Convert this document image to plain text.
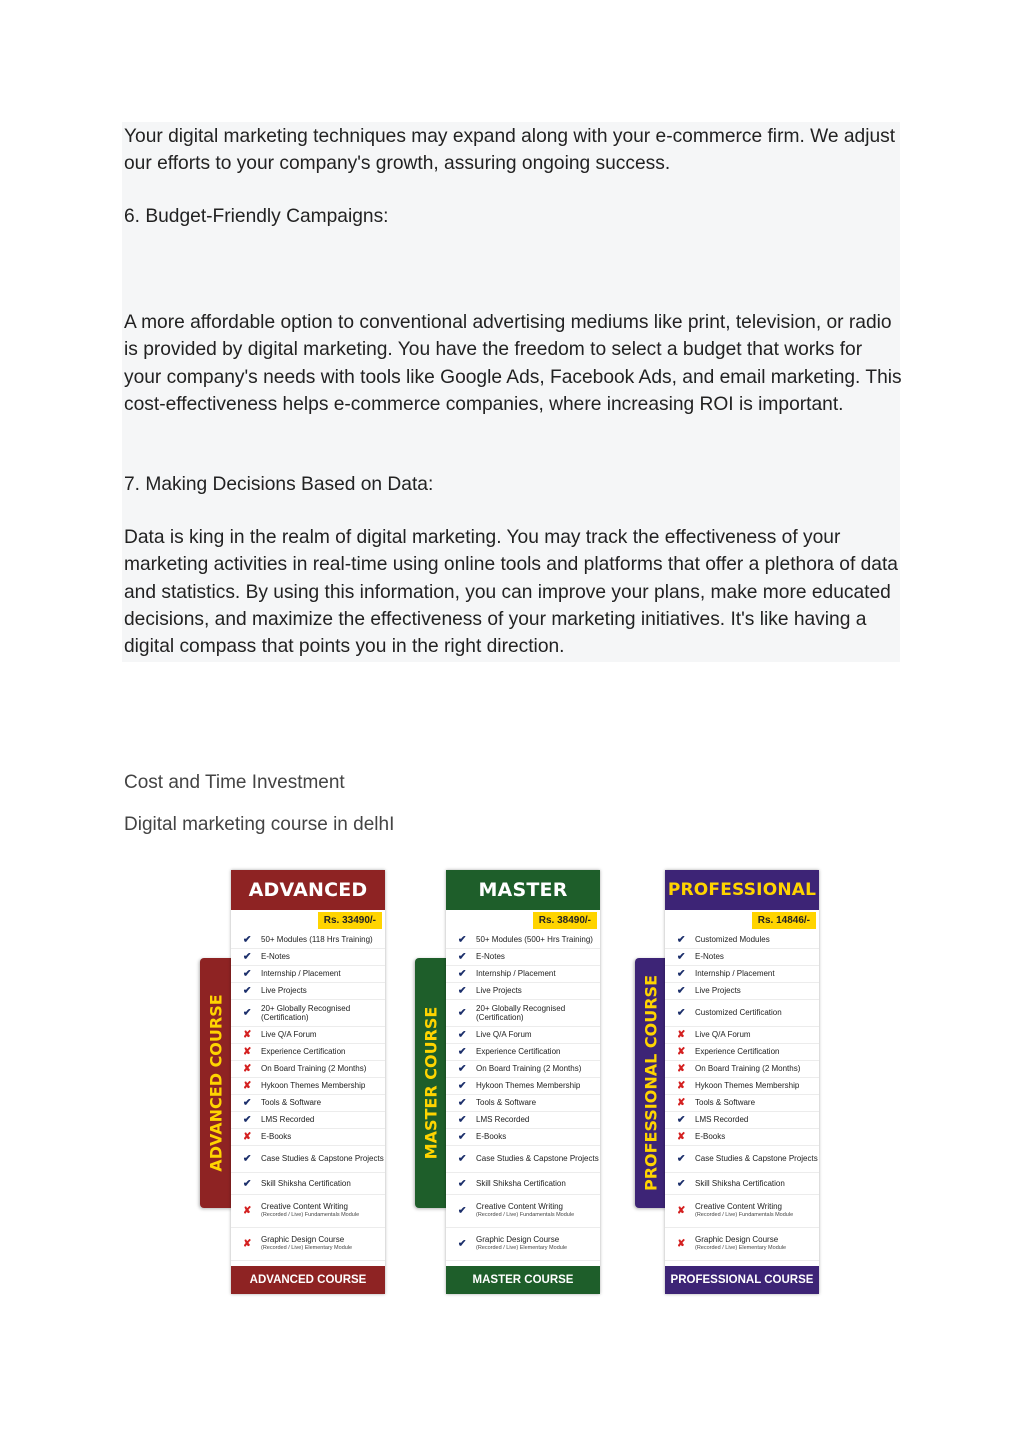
Your digital marketing techniques may expand along with your e-commerce firm. We adjust our efforts to your company's growth, assuring ongoing success.

6. Budget-Friendly Campaigns:

A more affordable option to conventional advertising mediums like print, television, or radio is provided by digital marketing. You have the freedom to select a budget that works for your company's needs with tools like Google Ads, Facebook Ads, and email marketing. This cost-effectiveness helps e-commerce companies, where increasing ROI is important.

7. Making Decisions Based on Data:

Data is king in the realm of digital marketing. You may track the effectiveness of your marketing activities in real-time using online tools and platforms that offer a plethora of data and statistics. By using this information, you can improve your plans, make more educated decisions, and maximize the effectiveness of your marketing initiatives. It's like having a digital compass that points you in the right direction.

Cost and Time Investment

Digital marketing course in delhI

ADVANCED COURSE	MASTER COURSE	PROFESSIONAL COURSE
ADVANCED
Rs. 33490/-
✔ 50+ Modules (118 Hrs Training)
✔ E-Notes
✔ Internship / Placement
✔ Live Projects
✔ 20+ Globally Recognised (Certification)
✘ Live Q/A Forum
✘ Experience Certification
✘ On Board Training (2 Months)
✘ Hykoon Themes Membership
✔ Tools & Software
✔ LMS Recorded
✘ E-Books
✔ Case Studies & Capstone Projects
✔ Skill Shiksha Certification
✘ Creative Content Writing
(Recorded / Live) Fundamentals Module
✘ Graphic Design Course
(Recorded / Live) Elementary Module
ADVANCED COURSE
MASTER
Rs. 38490/-
✔ 50+ Modules (500+ Hrs Training)
✔ E-Notes
✔ Internship / Placement
✔ Live Projects
✔ 20+ Globally Recognised (Certification)
✔ Live Q/A Forum
✔ Experience Certification
✔ On Board Training (2 Months)
✔ Hykoon Themes Membership
✔ Tools & Software
✔ LMS Recorded
✔ E-Books
✔ Case Studies & Capstone Projects
✔ Skill Shiksha Certification
✔ Creative Content Writing
(Recorded / Live) Fundamentals Module
✔ Graphic Design Course
(Recorded / Live) Elementary Module
MASTER COURSE
PROFESSIONAL
Rs. 14846/-
✔ Customized Modules
✔ E-Notes
✔ Internship / Placement
✔ Live Projects
✔ Customized Certification
✘ Live Q/A Forum
✘ Experience Certification
✘ On Board Training (2 Months)
✘ Hykoon Themes Membership
✘ Tools & Software
✔ LMS Recorded
✘ E-Books
✔ Case Studies & Capstone Projects
✔ Skill Shiksha Certification
✘ Creative Content Writing
(Recorded / Live) Fundamentals Module
✘ Graphic Design Course
(Recorded / Live) Elementary Module
PROFESSIONAL COURSE
